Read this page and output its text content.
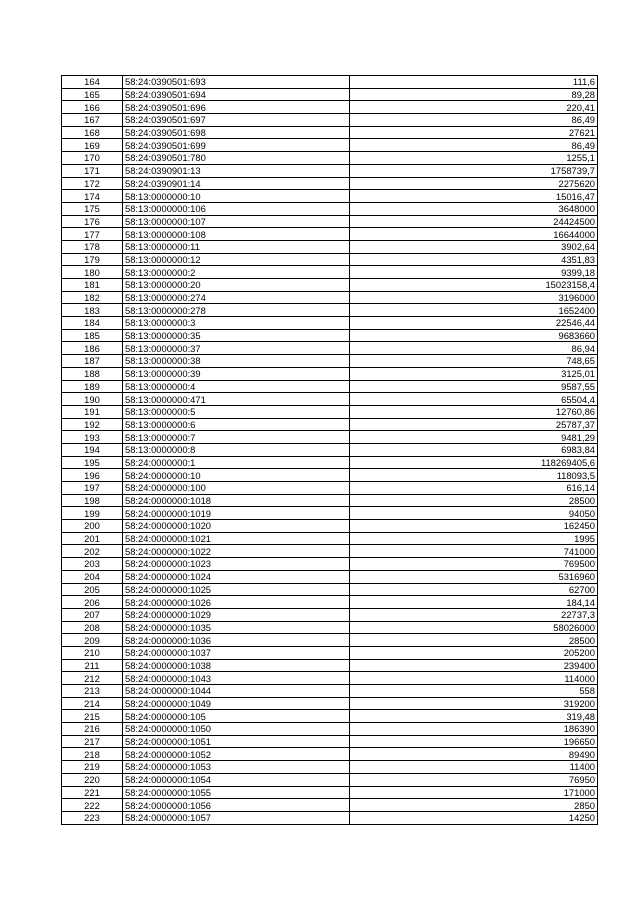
164	58:24:0390501:693	111,6
165	58:24:0390501:694	89,28
166	58:24:0390501:696	220,41
167	58:24:0390501:697	86,49
168	58:24:0390501:698	27621
169	58:24:0390501:699	86,49
170	58:24:0390501:780	1255,1
171	58:24:0390901:13	1758739,7
172	58:24:0390901:14	2275620
174	58:13:0000000:10	15016,47
175	58:13:0000000:106	3648000
176	58:13:0000000:107	24424500
177	58:13:0000000:108	16644000
178	58:13:0000000:11	3902,64
179	58:13:0000000:12	4351,83
180	58:13:0000000:2	9399,18
181	58:13:0000000:20	15023158,4
182	58:13:0000000:274	3196000
183	58:13:0000000:278	1652400
184	58:13:0000000:3	22546,44
185	58:13:0000000:35	9683660
186	58:13:0000000:37	86,94
187	58:13:0000000:38	748,65
188	58:13:0000000:39	3125,01
189	58:13:0000000:4	9587,55
190	58:13:0000000:471	65504,4
191	58:13:0000000:5	12760,86
192	58:13:0000000:6	25787,37
193	58:13:0000000:7	9481,29
194	58:13:0000000:8	6983,84
195	58:24:0000000:1	118269405,6
196	58:24:0000000:10	118093,5
197	58:24:0000000:100	616,14
198	58:24:0000000:1018	28500
199	58:24:0000000:1019	94050
200	58:24:0000000:1020	162450
201	58:24:0000000:1021	1995
202	58:24:0000000:1022	741000
203	58:24:0000000:1023	769500
204	58:24:0000000:1024	5316960
205	58:24:0000000:1025	62700
206	58:24:0000000:1026	184,14
207	58:24:0000000:1029	22737,3
208	58:24:0000000:1035	58026000
209	58:24:0000000:1036	28500
210	58:24:0000000:1037	205200
211	58:24:0000000:1038	239400
212	58:24:0000000:1043	114000
213	58:24:0000000:1044	558
214	58:24:0000000:1049	319200
215	58:24:0000000:105	319,48
216	58:24:0000000:1050	186390
217	58:24:0000000:1051	196650
218	58:24:0000000:1052	89490
219	58:24:0000000:1053	11400
220	58:24:0000000:1054	76950
221	58:24:0000000:1055	171000
222	58:24:0000000:1056	2850
223	58:24:0000000:1057	14250
